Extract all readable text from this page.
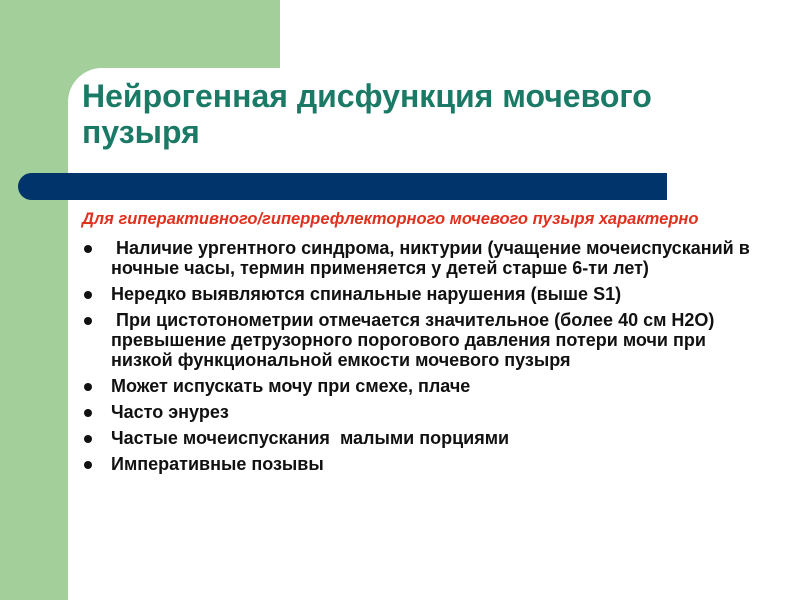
Нейрогенная дисфункция мочевого пузыря
Для гиперактивного/гиперрефлекторного мочевого пузыря характерно
Наличие ургентного синдрома, никтурии (учащение мочеиспусканий в ночные часы, термин применяется у детей старше 6-ти лет)
Нередко выявляются спинальные нарушения (выше S1)
При цистотонометрии отмечается значительное (более 40 см Н2О) превышение детрузорного порогового давления потери мочи при низкой функциональной емкости мочевого пузыря
Может испускать мочу при смехе, плаче
Часто энурез
Частые мочеиспускания  малыми порциями
Императивные позывы
